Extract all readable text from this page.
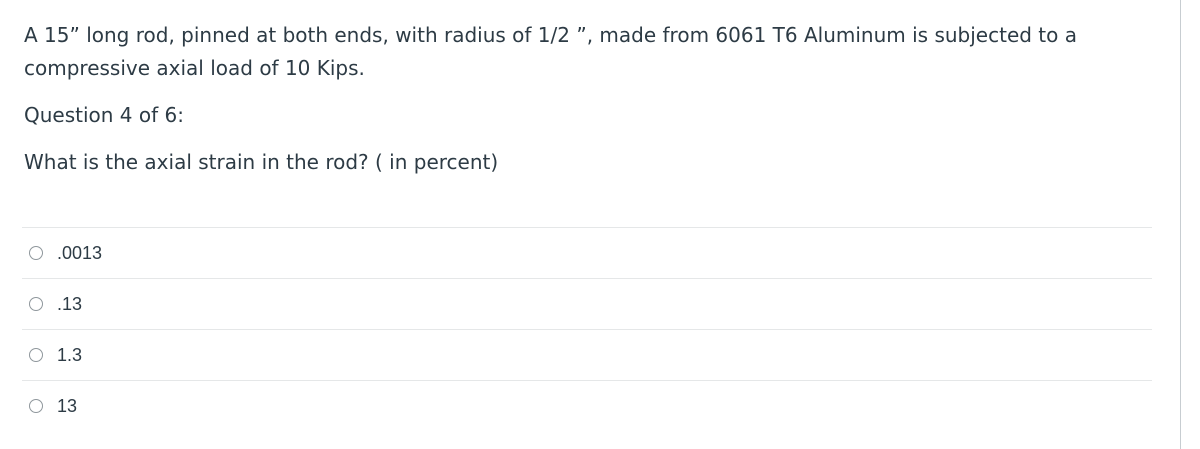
A 15” long rod, pinned at both ends, with radius of 1/2 ”, made from 6061 T6 Aluminum is subjected to a compressive axial load of 10 Kips.

Question 4 of 6:

What is the axial strain in the rod? ( in percent)

.0013
.13
1.3
13
